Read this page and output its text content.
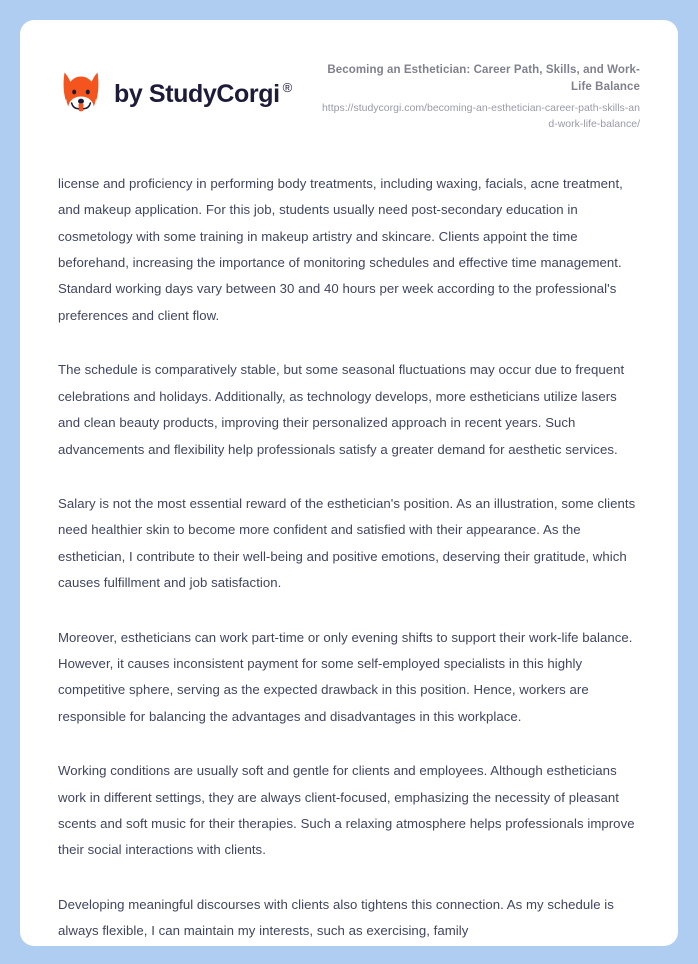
by StudyCorgi ®

Becoming an Esthetician: Career Path, Skills, and Work-Life Balance

https://studycorgi.com/becoming-an-esthetician-career-path-skills-and-work-life-balance/

license and proficiency in performing body treatments, including waxing, facials, acne treatment, and makeup application. For this job, students usually need post-secondary education in cosmetology with some training in makeup artistry and skincare. Clients appoint the time beforehand, increasing the importance of monitoring schedules and effective time management. Standard working days vary between 30 and 40 hours per week according to the professional's preferences and client flow.

The schedule is comparatively stable, but some seasonal fluctuations may occur due to frequent celebrations and holidays. Additionally, as technology develops, more estheticians utilize lasers and clean beauty products, improving their personalized approach in recent years. Such advancements and flexibility help professionals satisfy a greater demand for aesthetic services.

Salary is not the most essential reward of the esthetician's position. As an illustration, some clients need healthier skin to become more confident and satisfied with their appearance. As the esthetician, I contribute to their well-being and positive emotions, deserving their gratitude, which causes fulfillment and job satisfaction.

Moreover, estheticians can work part-time or only evening shifts to support their work-life balance. However, it causes inconsistent payment for some self-employed specialists in this highly competitive sphere, serving as the expected drawback in this position. Hence, workers are responsible for balancing the advantages and disadvantages in this workplace.

Working conditions are usually soft and gentle for clients and employees. Although estheticians work in different settings, they are always client-focused, emphasizing the necessity of pleasant scents and soft music for their therapies. Such a relaxing atmosphere helps professionals improve their social interactions with clients.

Developing meaningful discourses with clients also tightens this connection. As my schedule is always flexible, I can maintain my interests, such as exercising, family
